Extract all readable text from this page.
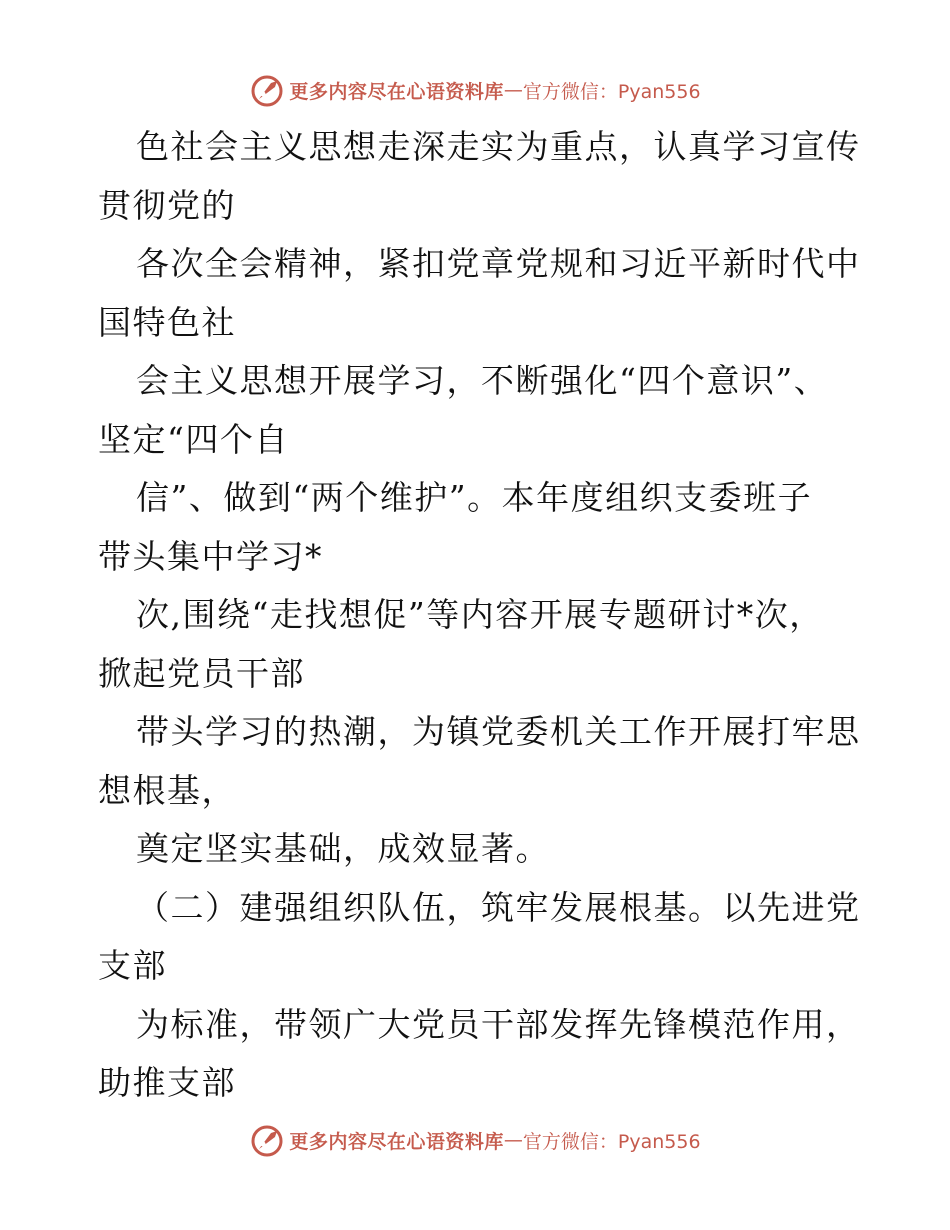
更多内容尽在心语资料库 — 官方微信：Pyan556
色社会主义思想走深走实为重点，认真学习宣传
贯彻党的
各次全会精神，紧扣党章党规和习近平新时代中
国特色社
会主义思想开展学习，不断强化“四个意识”、
坚定“四个自
信”、做到“两个维护”。本年度组织支委班子
带头集中学习*
次,围绕“走找想促”等内容开展专题研讨*次，
掀起党员干部
带头学习的热潮，为镇党委机关工作开展打牢思
想根基，
奠定坚实基础，成效显著。
（二）建强组织队伍，筑牢发展根基。以先进党
支部
为标准，带领广大党员干部发挥先锋模范作用，
助推支部
更多内容尽在心语资料库 — 官方微信：Pyan556
